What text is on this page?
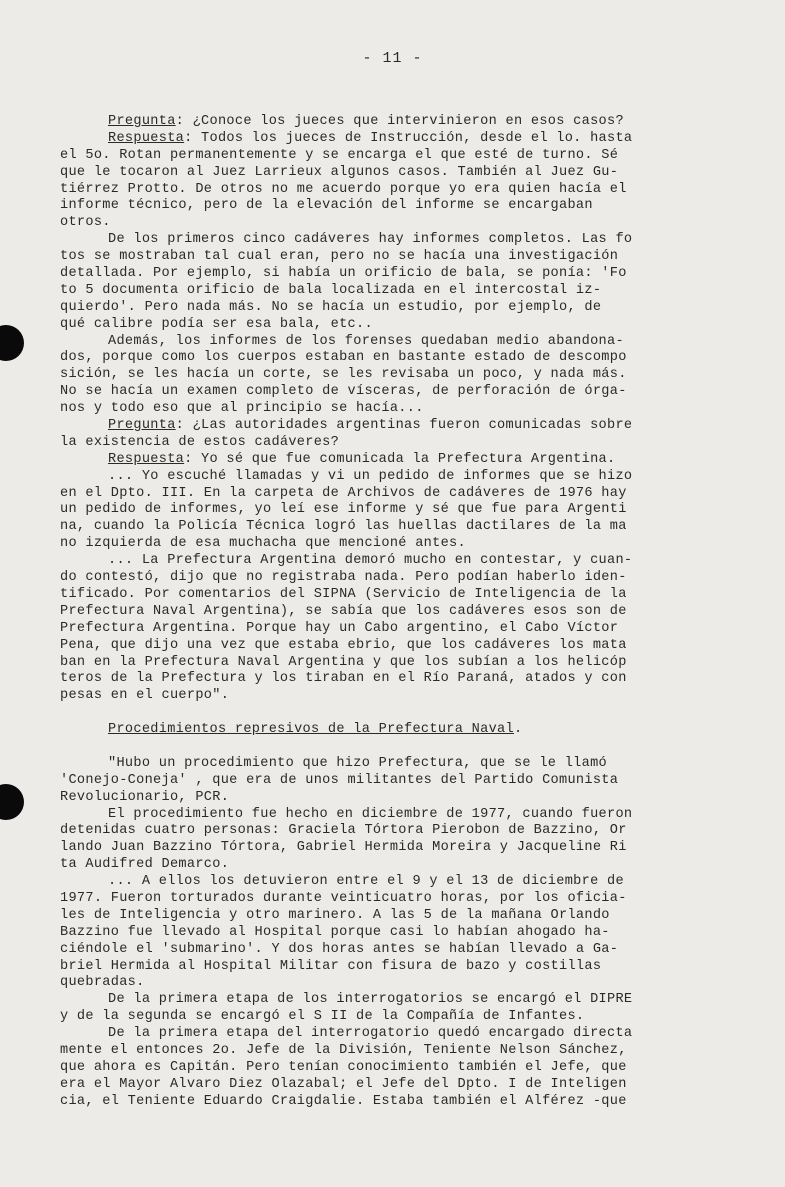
- 11 -
Pregunta: ¿Conoce los jueces que intervinieron en esos casos?
Respuesta: Todos los jueces de Instrucción, desde el lo. hasta
el 5o. Rotan permanentemente y se encarga el que esté de turno. Sé
que le tocaron al Juez Larrieux algunos casos. También al Juez Gu-
tiérrez Protto. De otros no me acuerdo porque yo era quien hacía el
informe técnico, pero de la elevación del informe se encargaban
otros.
De los primeros cinco cadáveres hay informes completos. Las fo
tos se mostraban tal cual eran, pero no se hacía una investigación
detallada. Por ejemplo, si había un orificio de bala, se ponía: 'Fo
to 5 documenta orificio de bala localizada en el intercostal iz-
quierdo'. Pero nada más. No se hacía un estudio, por ejemplo, de
qué calibre podía ser esa bala, etc..
Además, los informes de los forenses quedaban medio abandona-
dos, porque como los cuerpos estaban en bastante estado de descompo
sición, se les hacía un corte, se les revisaba un poco, y nada más.
No se hacía un examen completo de vísceras, de perforación de órga-
nos y todo eso que al principio se hacía...
Pregunta: ¿Las autoridades argentinas fueron comunicadas sobre
la existencia de estos cadáveres?
Respuesta: Yo sé que fue comunicada la Prefectura Argentina.
... Yo escuché llamadas y vi un pedido de informes que se hizo
en el Dpto. III. En la carpeta de Archivos de cadáveres de 1976 hay
un pedido de informes, yo leí ese informe y sé que fue para Argenti
na, cuando la Policía Técnica logró las huellas dactilares de la ma
no izquierda de esa muchacha que mencioné antes.
... La Prefectura Argentina demoró mucho en contestar, y cuan-
do contestó, dijo que no registraba nada. Pero podían haberlo iden-
tificado. Por comentarios del SIPNA (Servicio de Inteligencia de la
Prefectura Naval Argentina), se sabía que los cadáveres esos son de
Prefectura Argentina. Porque hay un Cabo argentino, el Cabo Víctor
Pena, que dijo una vez que estaba ebrio, que los cadáveres los mata
ban en la Prefectura Naval Argentina y que los subían a los helicóp
teros de la Prefectura y los tiraban en el Río Paraná, atados y con
pesas en el cuerpo".
Procedimientos represivos de la Prefectura Naval.
"Hubo un procedimiento que hizo Prefectura, que se le llamó
'Conejo-Coneja' , que era de unos militantes del Partido Comunista
Revolucionario, PCR.
El procedimiento fue hecho en diciembre de 1977, cuando fueron
detenidas cuatro personas: Graciela Tórtora Pierobon de Bazzino, Or
lando Juan Bazzino Tórtora, Gabriel Hermida Moreira y Jacqueline Ri
ta Audifred Demarco.
... A ellos los detuvieron entre el 9 y el 13 de diciembre de
1977. Fueron torturados durante veinticuatro horas, por los oficia-
les de Inteligencia y otro marinero. A las 5 de la mañana Orlando
Bazzino fue llevado al Hospital porque casi lo habían ahogado ha-
ciéndole el 'submarino'. Y dos horas antes se habían llevado a Ga-
briel Hermida al Hospital Militar con fisura de bazo y costillas
quebradas.
De la primera etapa de los interrogatorios se encargó el DIPRE
y de la segunda se encargó el S II de la Compañía de Infantes.
De la primera etapa del interrogatorio quedó encargado directa
mente el entonces 2o. Jefe de la División, Teniente Nelson Sánchez,
que ahora es Capitán. Pero tenían conocimiento también el Jefe, que
era el Mayor Alvaro Diez Olazabal; el Jefe del Dpto. I de Inteligen
cia, el Teniente Eduardo Craigdalie. Estaba también el Alférez -que
